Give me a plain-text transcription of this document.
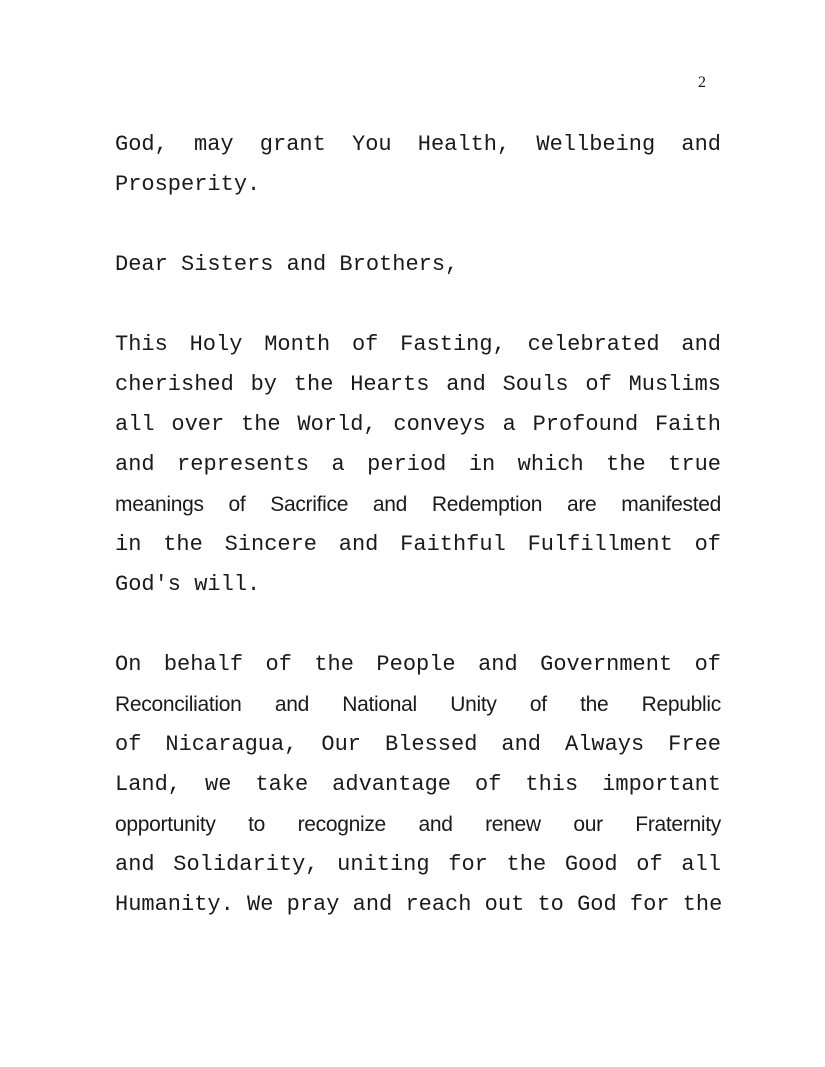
2
God, may grant You Health, Wellbeing and
Prosperity.
Dear Sisters and Brothers,
This Holy Month of Fasting, celebrated and
cherished by the Hearts and Souls of Muslims
all over the World, conveys a Profound Faith
and represents a period in which the true
meanings of Sacrifice and Redemption are manifested
in the Sincere and Faithful Fulfillment of
God's will.
On behalf of the People and Government of
Reconciliation and National Unity of the Republic
of Nicaragua, Our Blessed and Always Free
Land, we take advantage of this important
opportunity to recognize and renew our Fraternity
and Solidarity, uniting for the Good of all
Humanity. We pray and reach out to God for the
